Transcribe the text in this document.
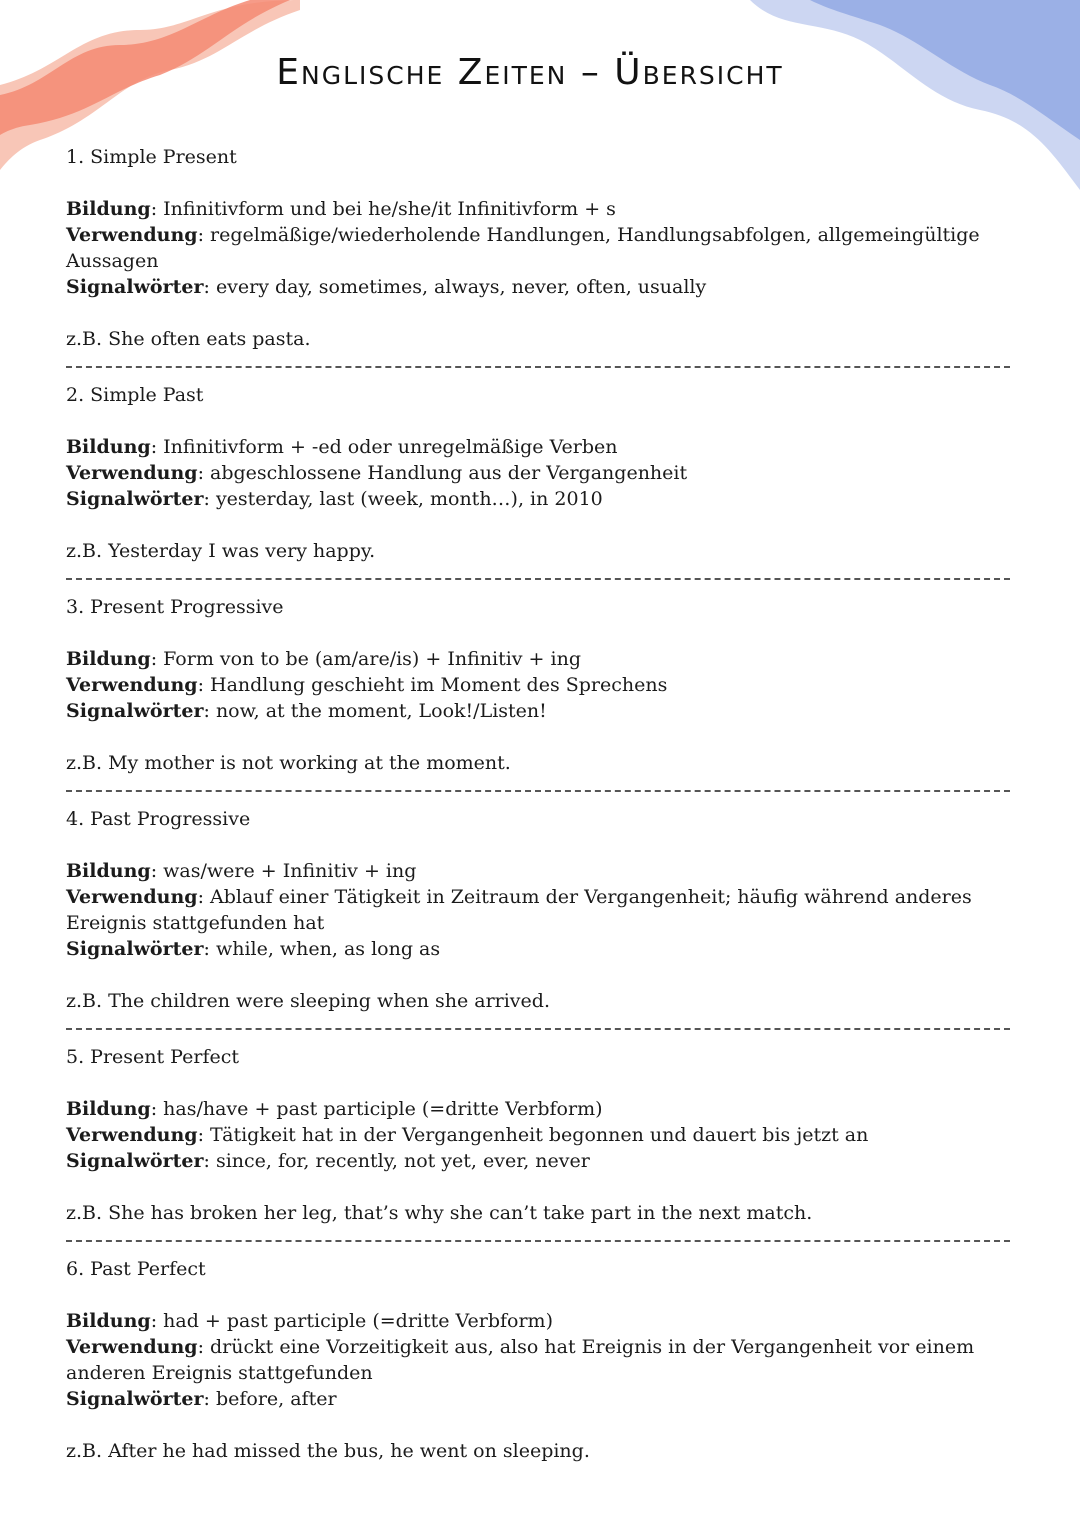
Englische Zeiten – Übersicht

1. Simple Present

Bildung: Infinitivform und bei he/she/it Infinitivform + s

Verwendung: regelmäßige/wiederholende Handlungen, Handlungsabfolgen, allgemeingültige Aussagen

Signalwörter: every day, sometimes, always, never, often, usually

z.B. She often eats pasta.

2. Simple Past

Bildung: Infinitivform + -ed oder unregelmäßige Verben

Verwendung: abgeschlossene Handlung aus der Vergangenheit

Signalwörter: yesterday, last (week, month…), in 2010

z.B. Yesterday I was very happy.

3. Present Progressive

Bildung: Form von to be (am/are/is) + Infinitiv + ing

Verwendung: Handlung geschieht im Moment des Sprechens

Signalwörter: now, at the moment, Look!/Listen!

z.B. My mother is not working at the moment.

4. Past Progressive

Bildung: was/were + Infinitiv + ing

Verwendung: Ablauf einer Tätigkeit in Zeitraum der Vergangenheit; häufig während anderes Ereignis stattgefunden hat

Signalwörter: while, when, as long as

z.B. The children were sleeping when she arrived.

5. Present Perfect

Bildung: has/have + past participle (=dritte Verbform)

Verwendung: Tätigkeit hat in der Vergangenheit begonnen und dauert bis jetzt an

Signalwörter: since, for, recently, not yet, ever, never

z.B. She has broken her leg, that’s why she can’t take part in the next match.

6. Past Perfect

Bildung: had + past participle (=dritte Verbform)

Verwendung: drückt eine Vorzeitigkeit aus, also hat Ereignis in der Vergangenheit vor einem anderen Ereignis stattgefunden

Signalwörter: before, after

z.B. After he had missed the bus, he went on sleeping.
